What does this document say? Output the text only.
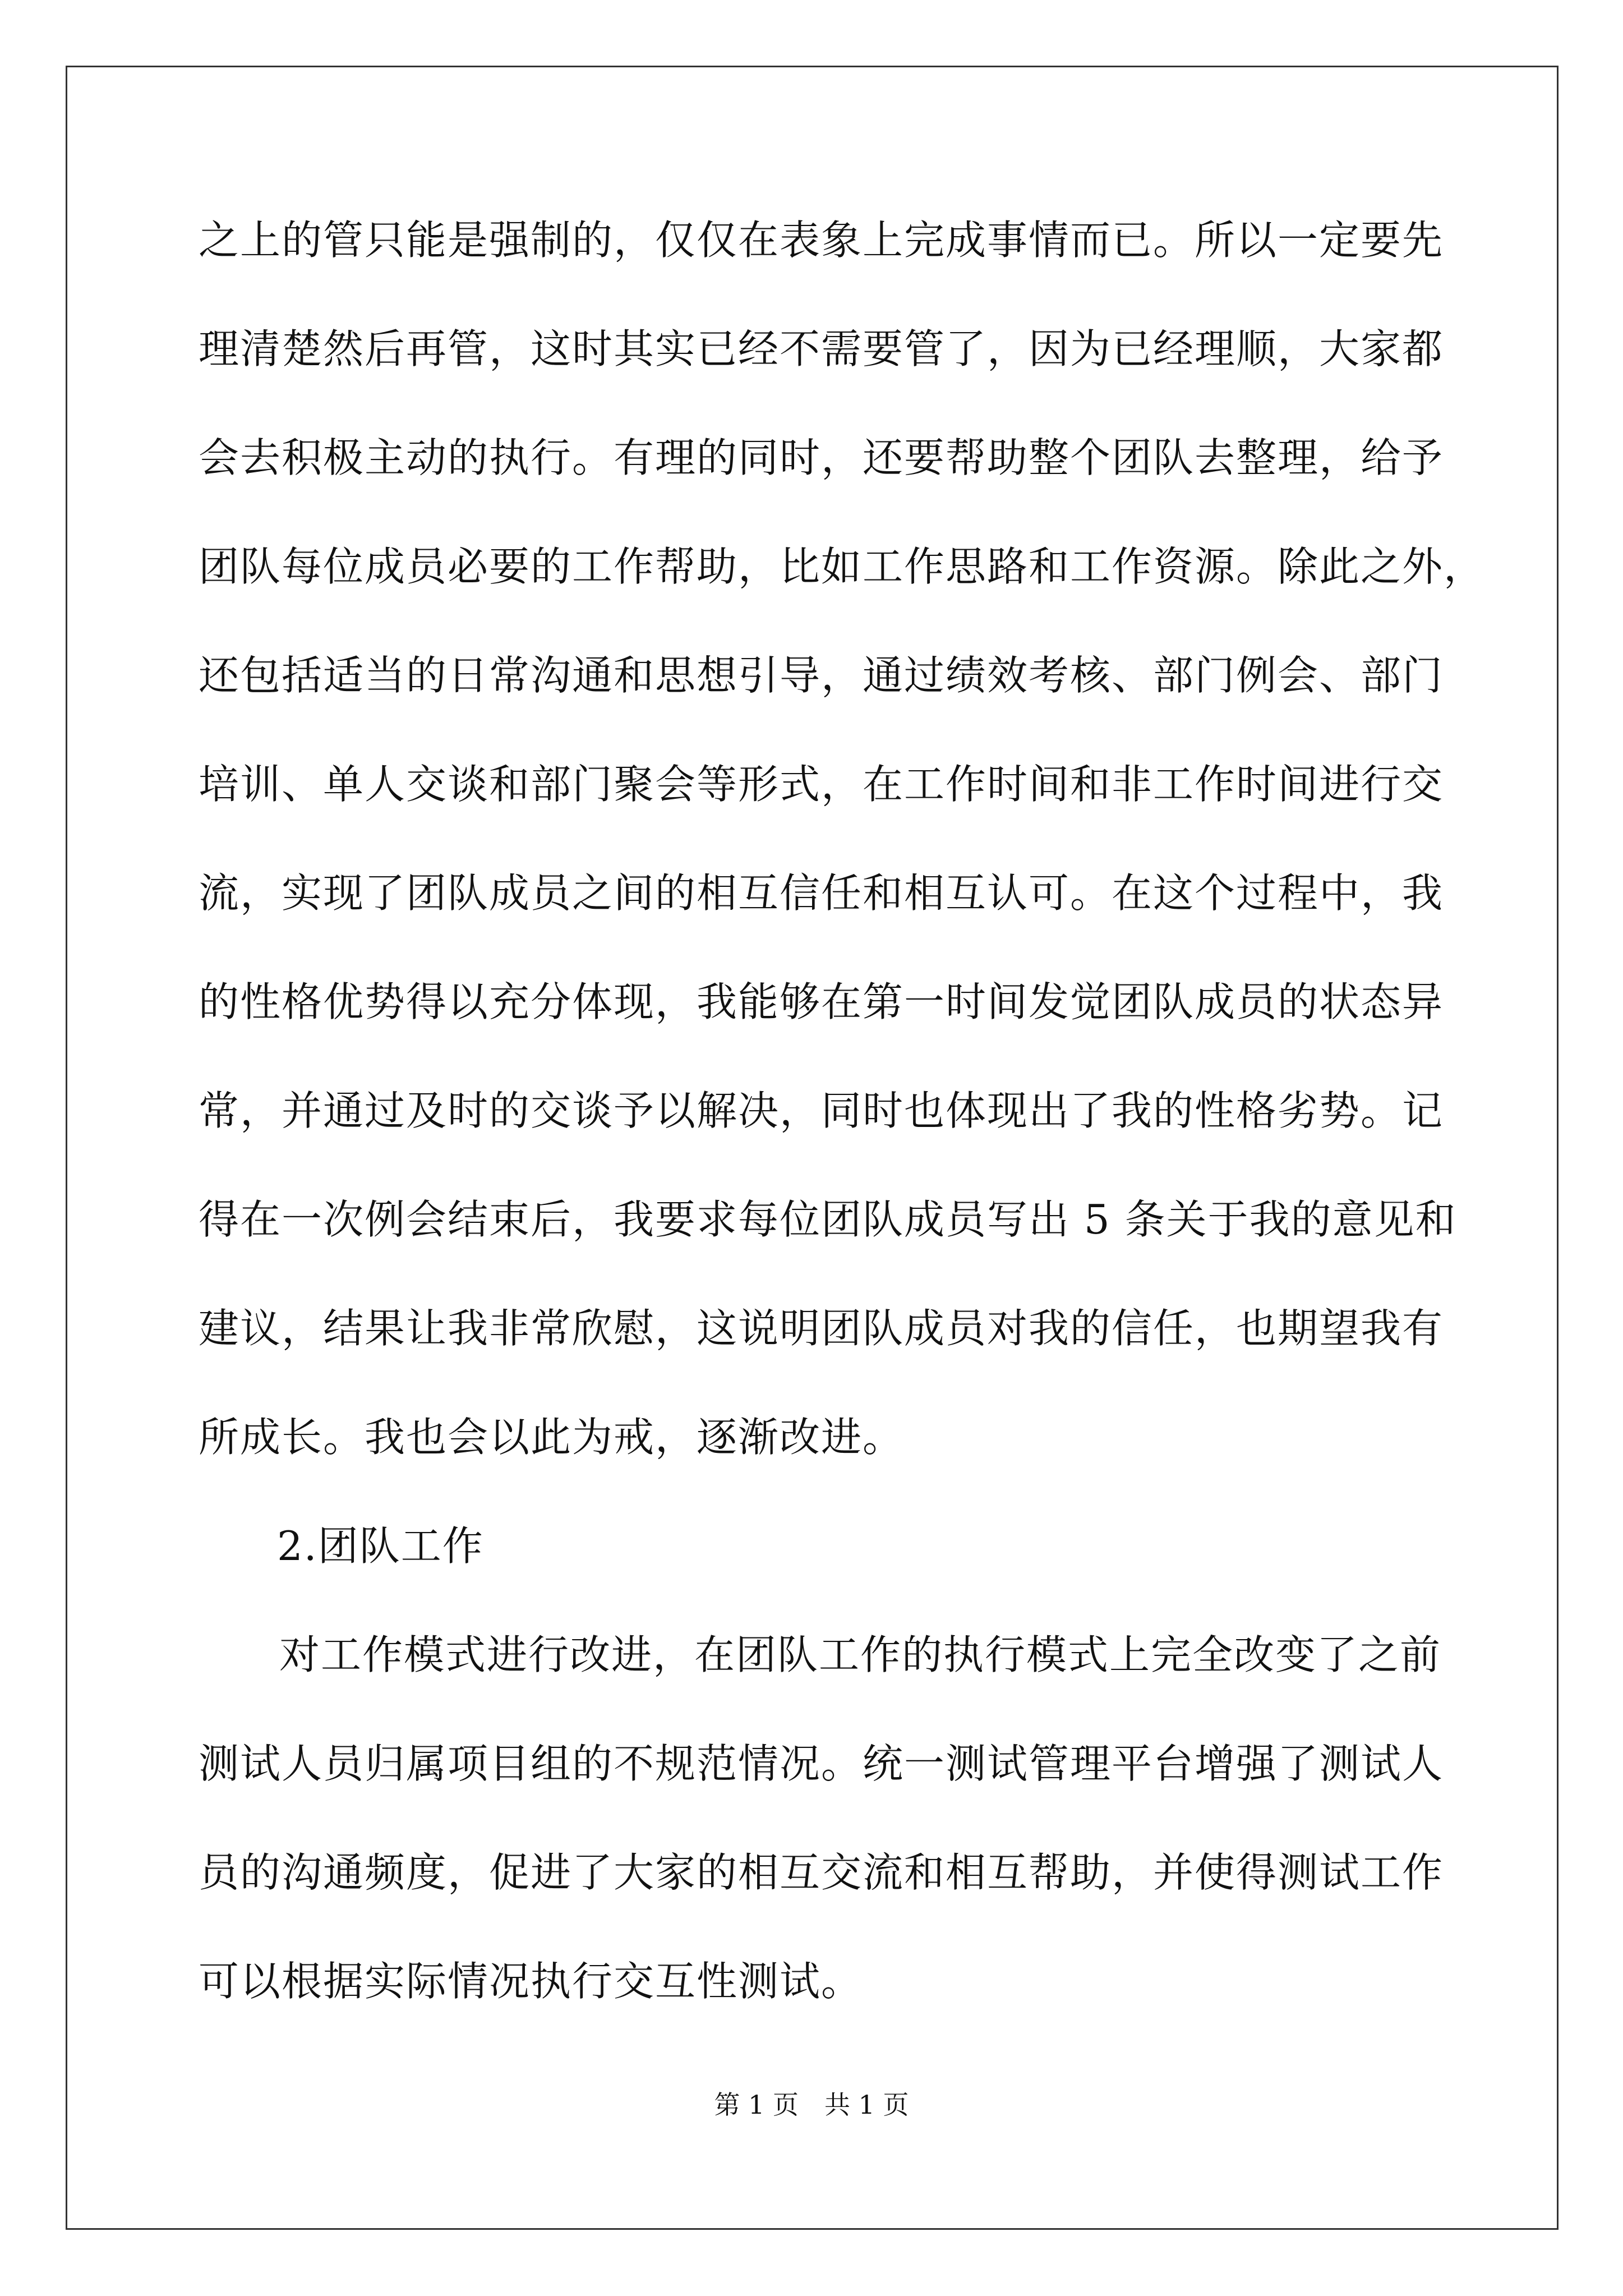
之上的管只能是强制的，仅仅在表象上完成事情而已。所以一定要先
理清楚然后再管，这时其实已经不需要管了，因为已经理顺，大家都
会去积极主动的执行。有理的同时，还要帮助整个团队去整理，给予
团队每位成员必要的工作帮助，比如工作思路和工作资源。除此之外，
还包括适当的日常沟通和思想引导，通过绩效考核、部门例会、部门
培训、单人交谈和部门聚会等形式，在工作时间和非工作时间进行交
流，实现了团队成员之间的相互信任和相互认可。在这个过程中，我
的性格优势得以充分体现，我能够在第一时间发觉团队成员的状态异
常，并通过及时的交谈予以解决，同时也体现出了我的性格劣势。记
得在一次例会结束后，我要求每位团队成员写出 5 条关于我的意见和
建议，结果让我非常欣慰，这说明团队成员对我的信任，也期望我有
所成长。我也会以此为戒，逐渐改进。
2.团队工作
对工作模式进行改进，在团队工作的执行模式上完全改变了之前
测试人员归属项目组的不规范情况。统一测试管理平台增强了测试人
员的沟通频度，促进了大家的相互交流和相互帮助，并使得测试工作
可以根据实际情况执行交互性测试。
第 1 页　共 1 页
